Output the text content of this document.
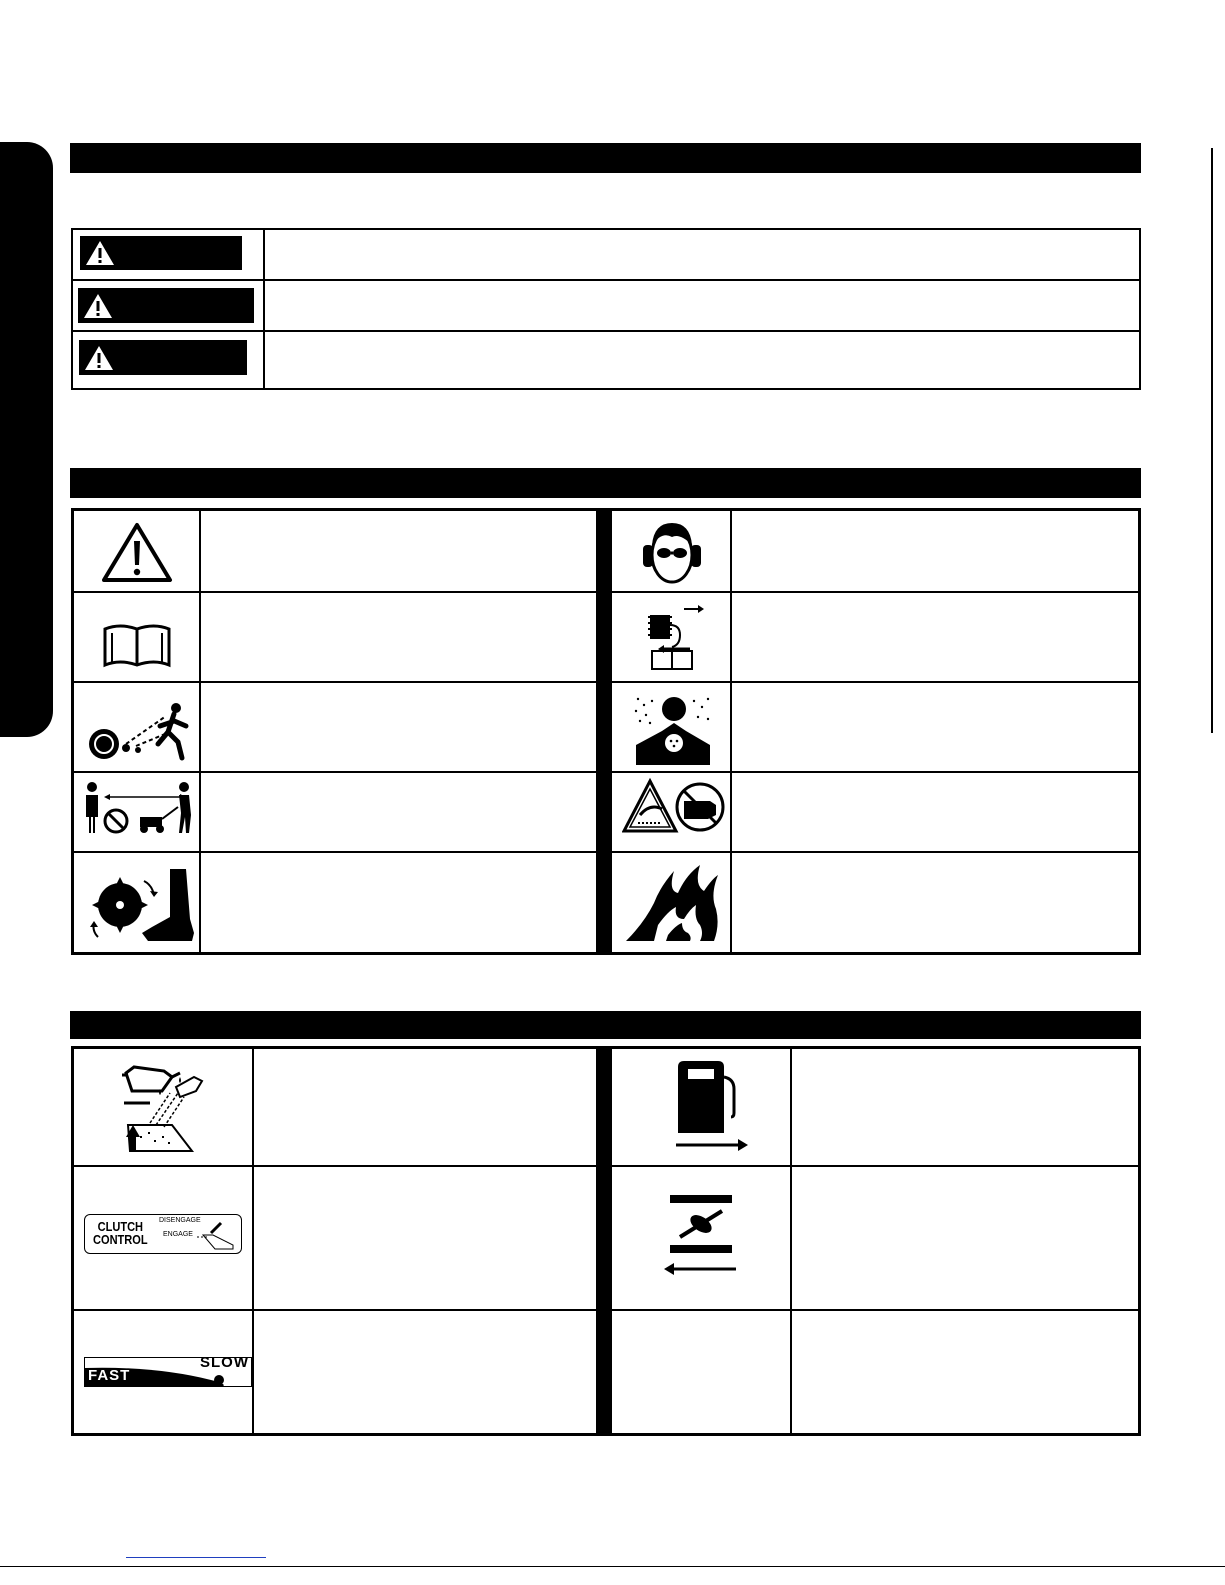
CLUTCH
CONTROL
DISENGAGE
ENGAGE
FAST
SLOW
